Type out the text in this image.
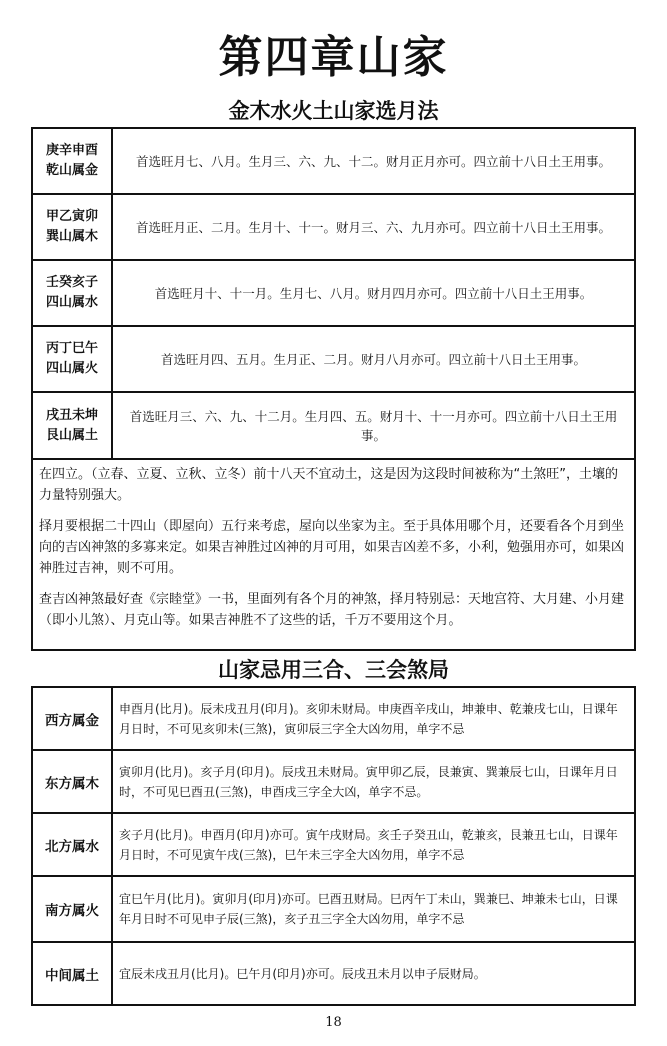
第四章山家
金木水火土山家选月法
庚辛申酉
乾山属金
首选旺月七、八月。生月三、六、九、十二。财月正月亦可。四立前十八日土王用事。
甲乙寅卯
巽山属木
首选旺月正、二月。生月十、十一。财月三、六、九月亦可。四立前十八日土王用事。
壬癸亥子
四山属水
首选旺月十、十一月。生月七、八月。财月四月亦可。四立前十八日土王用事。
丙丁巳午
四山属火
首选旺月四、五月。生月正、二月。财月八月亦可。四立前十八日土王用事。
戌丑未坤
艮山属土
首选旺月三、六、九、十二月。生月四、五。财月十、十一月亦可。四立前十八日土王用事。

在四立。（立春、立夏、立秋、立冬）前十八天不宜动土，这是因为这段时间被称为“土煞旺”，土壤的力量特别强大。

择月要根据二十四山（即屋向）五行来考虑，屋向以坐家为主。至于具体用哪个月，还要看各个月到坐向的吉凶神煞的多寡来定。如果吉神胜过凶神的月可用，如果吉凶差不多，小利，勉强用亦可，如果凶神胜过吉神，则不可用。

查吉凶神煞最好查《宗睦堂》一书，里面列有各个月的神煞，择月特别忌：天地宫符、大月建、小月建（即小儿煞）、月克山等。如果吉神胜不了这些的话，千万不要用这个月。

山家忌用三合、三会煞局
西方属金
申酉月(比月)。辰未戌丑月(印月)。亥卯未财局。申庚酉辛戌山，坤兼申、乾兼戌七山，日课年月日时，不可见亥卯未(三煞)，寅卯辰三字全大凶勿用，单字不忌
东方属木
寅卯月(比月)。亥子月(印月)。辰戌丑未财局。寅甲卯乙辰，艮兼寅、巽兼辰七山，日课年月日时，不可见巳酉丑(三煞)，申酉戌三字全大凶，单字不忌。
北方属水
亥子月(比月)。申酉月(印月)亦可。寅午戌财局。亥壬子癸丑山，乾兼亥，艮兼丑七山，日课年月日时，不可见寅午戌(三煞)，巳午未三字全大凶勿用，单字不忌
南方属火
宜巳午月(比月)。寅卯月(印月)亦可。巳酉丑财局。巳丙午丁未山，巽兼巳、坤兼未七山，日课年月日时不可见申子辰(三煞)，亥子丑三字全大凶勿用，单字不忌
中间属土	宜辰未戌丑月(比月)。巳午月(印月)亦可。辰戌丑未月以申子辰财局。
18
